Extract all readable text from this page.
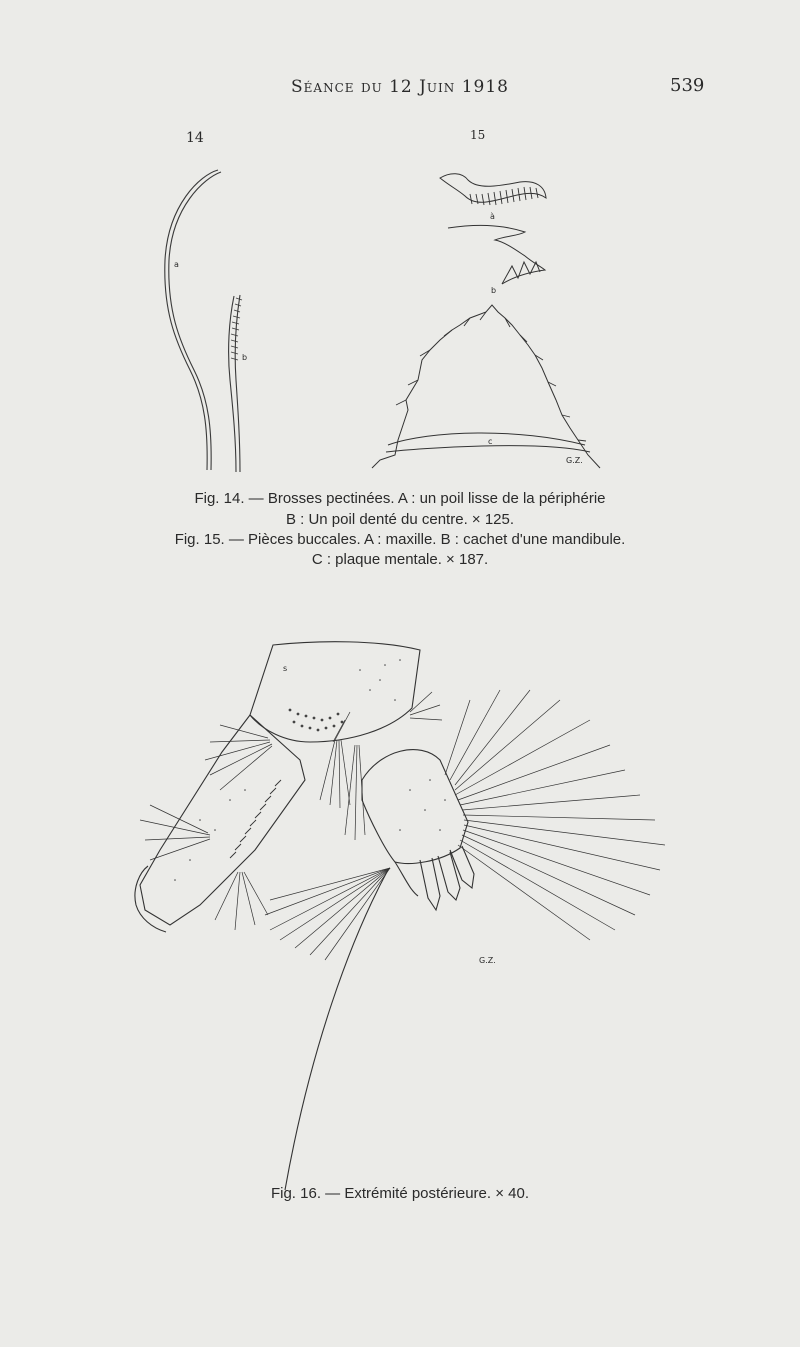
Séance du 12 Juin 1918	539
14	15
a
b
à
b
c
G.Z.
Fig. 14. — Brosses pectinées. A : un poil lisse de la périphérie
B : Un poil denté du centre. × 125.
Fig. 15. — Pièces buccales. A : maxille. B : cachet d'une mandibule.
C : plaque mentale. × 187.
s
G.Z.
Fig. 16. — Extrémité postérieure. × 40.
